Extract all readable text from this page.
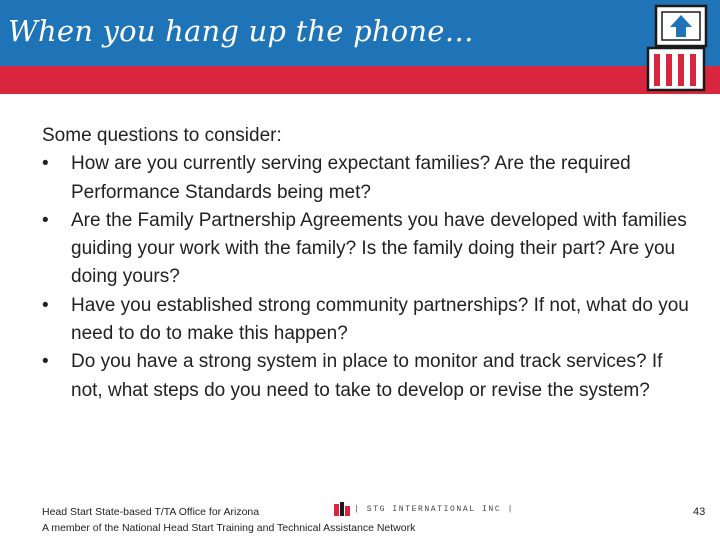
When you hang up the phone…

Some questions to consider:

• How are you currently serving expectant families? Are the required Performance Standards being met?
• Are the Family Partnership Agreements you have developed with families guiding your work with the family? Is the family doing their part? Are you doing yours?
• Have you established strong community partnerships? If not, what do you need to do to make this happen?
• Do you have a strong system in place to monitor and track services? If not, what steps do you need to take to develop or revise the system?
Head Start State-based T/TA Office for Arizona
A member of the National Head Start Training and Technical Assistance Network
| STG INTERNATIONAL INC |	43
